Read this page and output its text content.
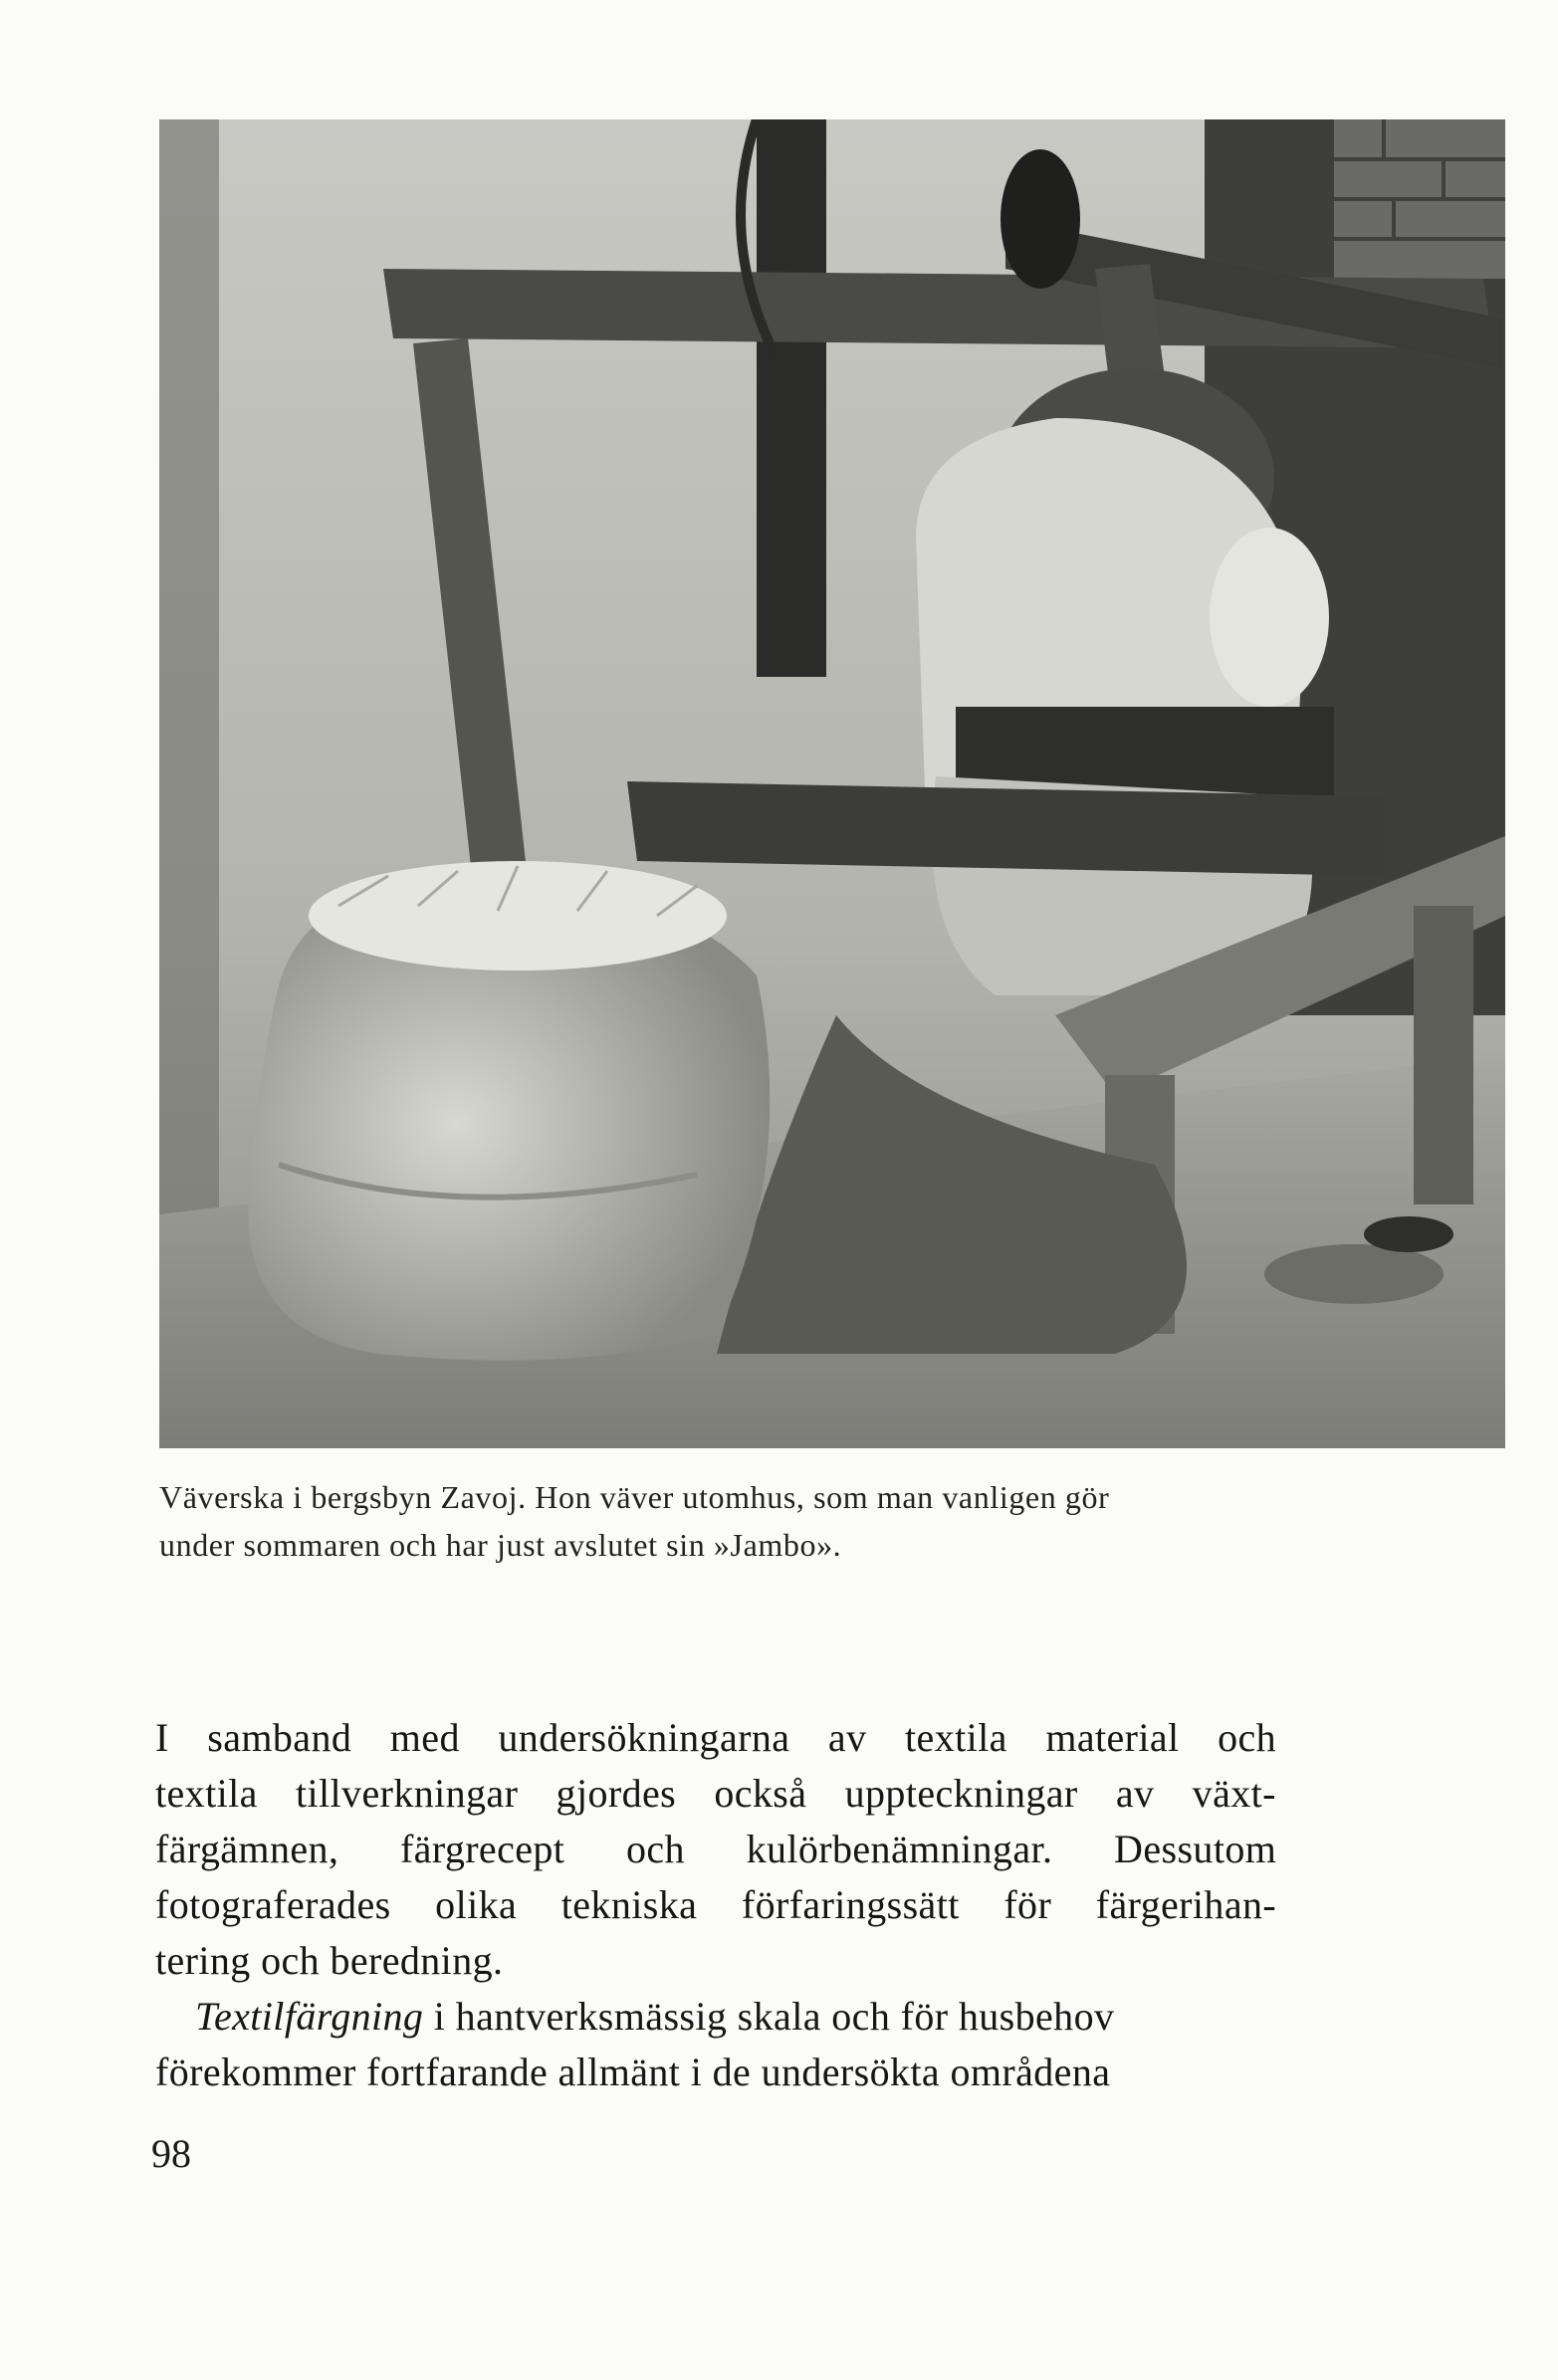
Väverska i bergsbyn Zavoj. Hon väver utomhus, som man vanligen gör

under sommaren och har just avslutet sin »Jambo».

I samband med undersökningarna av textila material och
textila tillverkningar gjordes också uppteckningar av växt-
färgämnen, färgrecept och kulörbenämningar. Dessutom
fotograferades olika tekniska förfaringssätt för färgerihan-
tering och beredning.
Textilfärgning
i hantverksmässig skala och för husbehov
förekommer fortfarande allmänt i de undersökta områdena
98
